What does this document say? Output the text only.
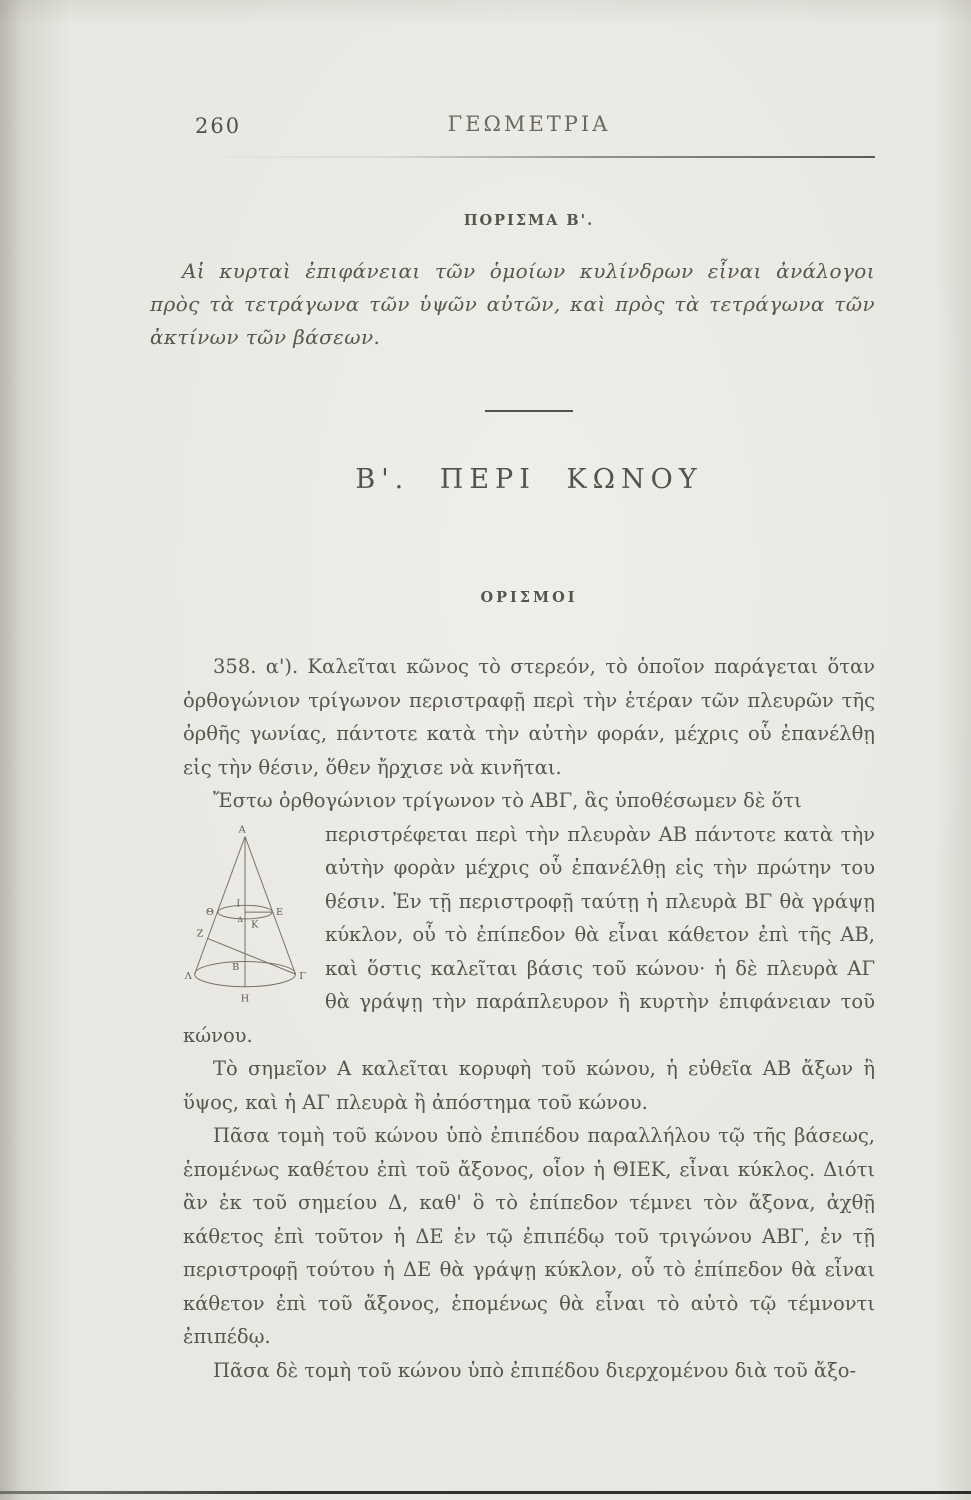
260	ΓΕΩΜΕΤΡΙΑ
ΠΟΡΙΣΜΑ Β'.

Αἱ κυρταὶ ἐπιφάνειαι τῶν ὁμοίων κυλίνδρων εἶναι ἀνάλογοι πρὸς τὰ τετράγωνα τῶν ὑψῶν αὐτῶν, καὶ πρὸς τὰ τετράγωνα τῶν ἀκτίνων τῶν βάσεων.

Β'. ΠΕΡΙ ΚΩΝΟΥ
ΟΡΙΣΜΟΙ

358. α'). Καλεῖται κῶνος τὸ στερεόν, τὸ ὁποῖον παράγεται ὅταν ὀρθογώνιον τρίγωνον περιστραφῇ περὶ τὴν ἑτέραν τῶν πλευρῶν τῆς ὀρθῆς γωνίας, πάντοτε κατὰ τὴν αὐτὴν φοράν, μέχρις οὗ ἐπανέλθῃ εἰς τὴν θέσιν, ὅθεν ἤρχισε νὰ κινῆται.

Ἔστω ὀρθογώνιον τρίγωνον τὸ ΑΒΓ, ἃς ὑποθέσωμεν δὲ ὅτι

Α
Θ
Ι
Δ
Ε
Κ
Ζ
Λ
Β
Η
Γ

περιστρέφεται περὶ τὴν πλευρὰν ΑΒ πάντοτε κατὰ τὴν αὐτὴν φορὰν μέχρις οὗ ἐπανέλθῃ εἰς τὴν πρώτην του θέσιν. Ἐν τῇ περιστροφῇ ταύτῃ ἡ πλευρὰ ΒΓ θὰ γράψῃ κύκλον, οὗ τὸ ἐπίπεδον θὰ εἶναι κάθετον ἐπὶ τῆς ΑΒ, καὶ ὅστις καλεῖται βάσις τοῦ κώνου· ἡ δὲ πλευρὰ ΑΓ θὰ γράψῃ τὴν παράπλευρον ἢ κυρτὴν ἐπιφάνειαν τοῦ κώνου.

Τὸ σημεῖον Α καλεῖται κορυφὴ τοῦ κώνου, ἡ εὐθεῖα ΑΒ ἄξων ἢ ὕψος, καὶ ἡ ΑΓ πλευρὰ ἢ ἀπόστημα τοῦ κώνου.

Πᾶσα τομὴ τοῦ κώνου ὑπὸ ἐπιπέδου παραλλήλου τῷ τῆς βάσεως, ἑπομένως καθέτου ἐπὶ τοῦ ἄξονος, οἷον ἡ ΘΙΕΚ, εἶναι κύκλος. Διότι ἂν ἐκ τοῦ σημείου Δ, καθ' ὃ τὸ ἐπίπεδον τέμνει τὸν ἄξονα, ἀχθῇ κάθετος ἐπὶ τοῦτον ἡ ΔΕ ἐν τῷ ἐπιπέδῳ τοῦ τριγώνου ΑΒΓ, ἐν τῇ περιστροφῇ τούτου ἡ ΔΕ θὰ γράψῃ κύκλον, οὗ τὸ ἐπίπεδον θὰ εἶναι κάθετον ἐπὶ τοῦ ἄξονος, ἑπομένως θὰ εἶναι τὸ αὐτὸ τῷ τέμνοντι ἐπιπέδῳ.

Πᾶσα δὲ τομὴ τοῦ κώνου ὑπὸ ἐπιπέδου διερχομένου διὰ τοῦ ἄξο-
